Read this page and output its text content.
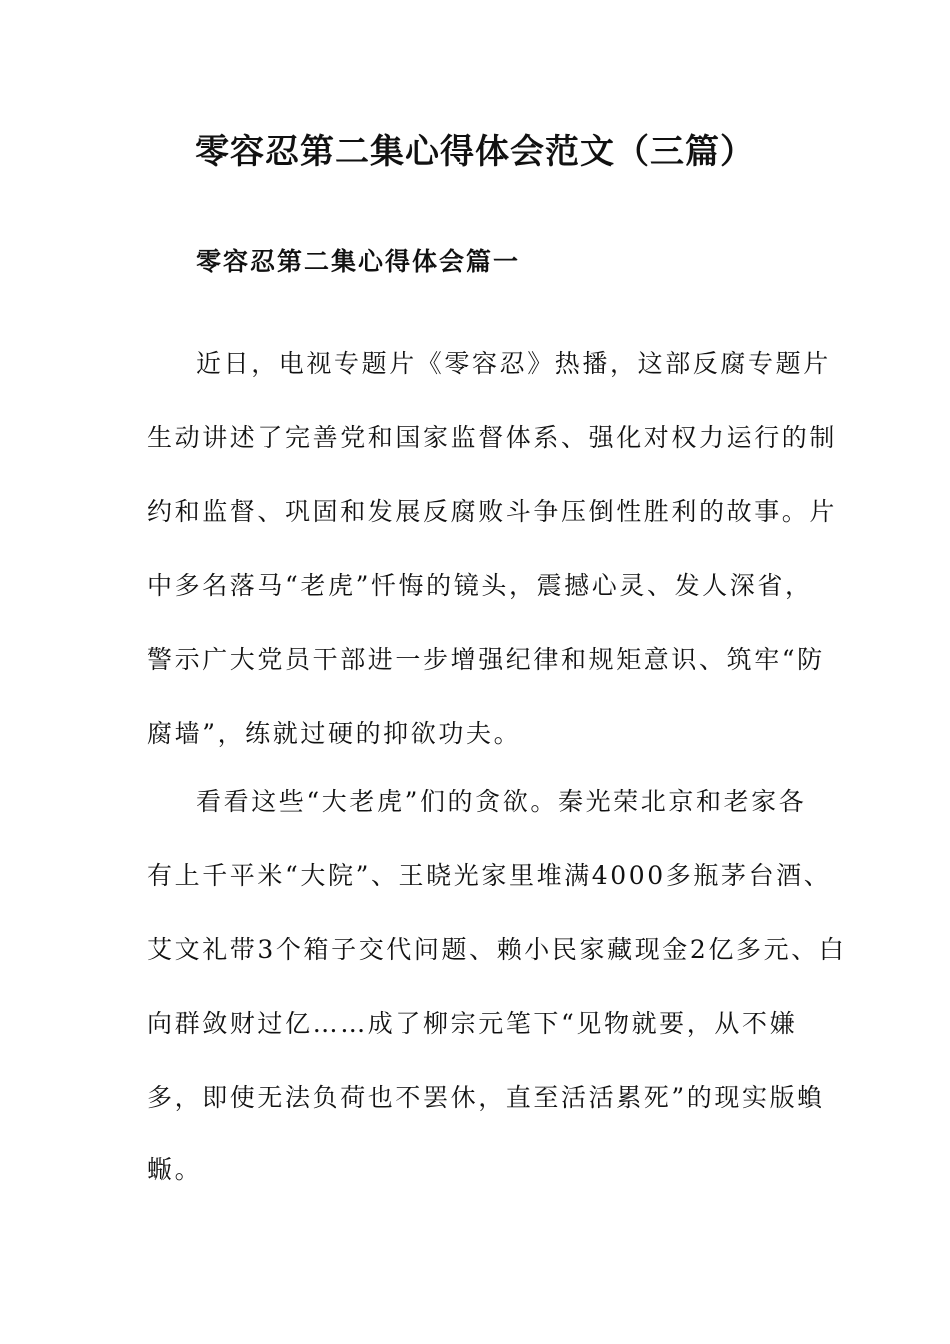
零容忍第二集心得体会范文（三篇）
零容忍第二集心得体会篇一

近日，电视专题片《零容忍》热播，这部反腐专题片

生动讲述了完善党和国家监督体系、强化对权力运行的制

约和监督、巩固和发展反腐败斗争压倒性胜利的故事。片

中多名落马“老虎”忏悔的镜头，震撼心灵、发人深省，

警示广大党员干部进一步增强纪律和规矩意识、筑牢“防

腐墙”，练就过硬的抑欲功夫。

看看这些“大老虎”们的贪欲。秦光荣北京和老家各

有上千平米“大院”、王晓光家里堆满4000多瓶茅台酒、

艾文礼带3个箱子交代问题、赖小民家藏现金2亿多元、白

向群敛财过亿……成了柳宗元笔下“见物就要，从不嫌

多，即使无法负荷也不罢休，直至活活累死”的现实版蝜

蝂。
